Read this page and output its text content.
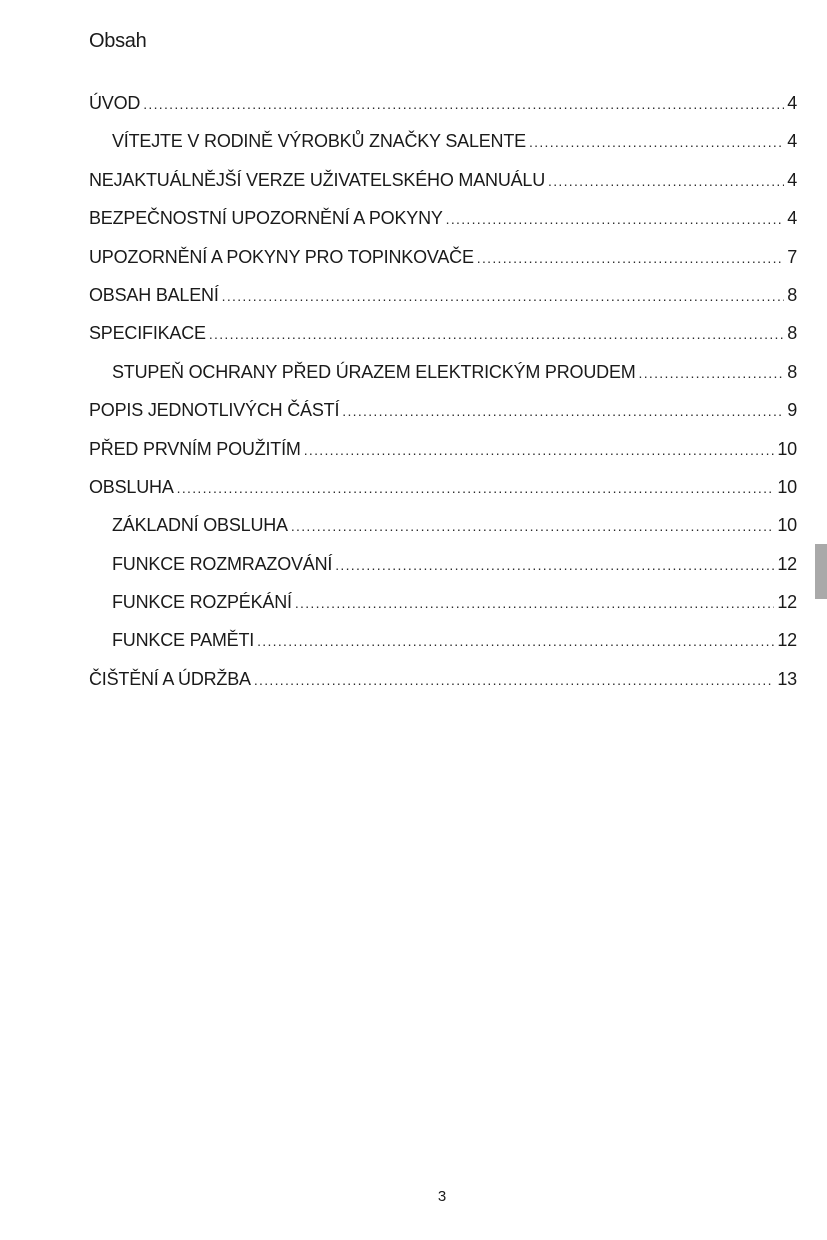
Obsah
ÚVOD .....	4
VÍTEJTE V RODINĚ VÝROBKŮ ZNAČKY SALENTE .....	4
NEJAKTUÁLNĚJŠÍ VERZE UŽIVATELSKÉHO MANUÁLU .....	4
BEZPEČNOSTNÍ UPOZORNĚNÍ A POKYNY .....	4
UPOZORNĚNÍ A POKYNY PRO TOPINKOVAČE .....	7
OBSAH BALENÍ .....	8
SPECIFIKACE .....	8
STUPEŇ OCHRANY PŘED ÚRAZEM ELEKTRICKÝM PROUDEM .....	8
POPIS JEDNOTLIVÝCH ČÁSTÍ .....	9
PŘED PRVNÍM POUŽITÍM .....	10
OBSLUHA .....	10
ZÁKLADNÍ OBSLUHA .....	10
FUNKCE ROZMRAZOVÁNÍ .....	12
FUNKCE ROZPÉKÁNÍ .....	12
FUNKCE PAMĚTI .....	12
ČIŠTĚNÍ A ÚDRŽBA .....	13
3
